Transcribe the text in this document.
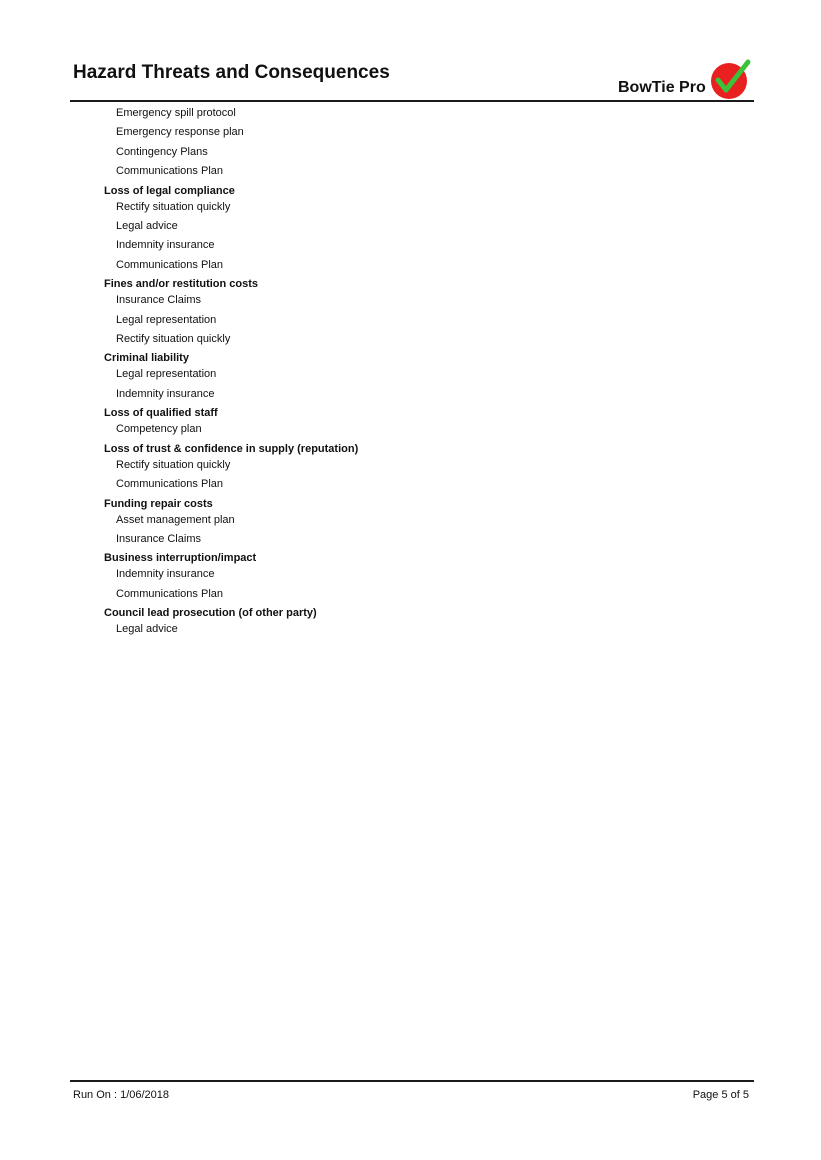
Hazard Threats and Consequences
BowTie Pro
Emergency spill protocol
Emergency response plan
Contingency Plans
Communications Plan
Loss of legal compliance
Rectify situation quickly
Legal advice
Indemnity insurance
Communications Plan
Fines and/or restitution costs
Insurance Claims
Legal representation
Rectify situation quickly
Criminal liability
Legal representation
Indemnity insurance
Loss of qualified staff
Competency plan
Loss of trust & confidence in supply (reputation)
Rectify situation quickly
Communications Plan
Funding repair costs
Asset management plan
Insurance Claims
Business interruption/impact
Indemnity insurance
Communications Plan
Council lead prosecution (of other party)
Legal advice
Run On : 1/06/2018	Page 5 of 5
